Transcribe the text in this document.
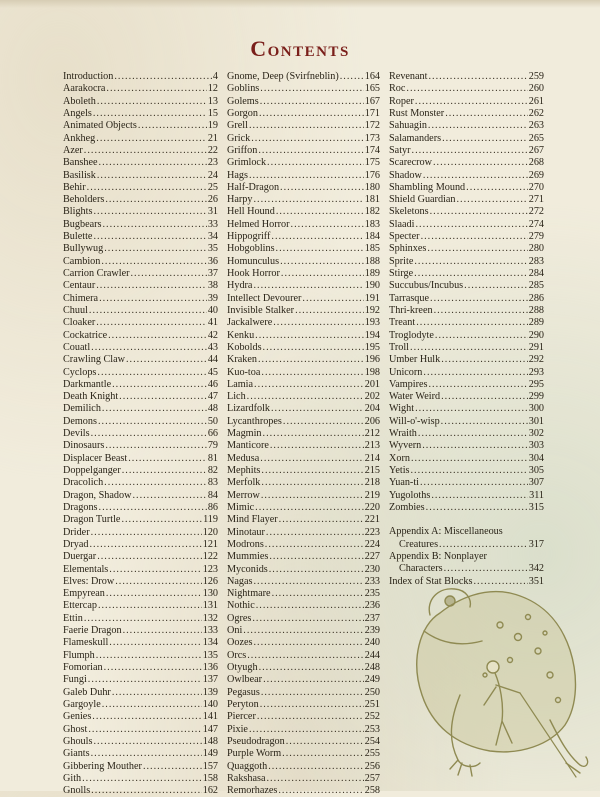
Contents
Introduction .....	4
Aarakocra .....	12
Aboleth .....	13
Angels .....	15
Animated Objects .....	19
Ankheg .....	21
Azer .....	22
Banshee .....	23
Basilisk .....	24
Behir .....	25
Beholders .....	26
Blights .....	31
Bugbears .....	33
Bulette .....	34
Bullywug .....	35
Cambion .....	36
Carrion Crawler .....	37
Centaur .....	38
Chimera .....	39
Chuul .....	40
Cloaker .....	41
Cockatrice .....	42
Couatl .....	43
Crawling Claw .....	44
Cyclops .....	45
Darkmantle .....	46
Death Knight .....	47
Demilich .....	48
Demons .....	50
Devils .....	66
Dinosaurs .....	79
Displacer Beast .....	81
Doppelganger .....	82
Dracolich .....	83
Dragon, Shadow .....	84
Dragons .....	86
Dragon Turtle .....	119
Drider .....	120
Dryad .....	121
Duergar .....	122
Elementals .....	123
Elves: Drow .....	126
Empyrean .....	130
Ettercap .....	131
Ettin .....	132
Faerie Dragon .....	133
Flameskull .....	134
Flumph .....	135
Fomorian .....	136
Fungi .....	137
Galeb Duhr .....	139
Gargoyle .....	140
Genies .....	141
Ghost .....	147
Ghouls .....	148
Giants .....	149
Gibbering Mouther .....	157
Gith .....	158
Gnolls .....	162
Gnome, Deep (Svirfneblin) .....	164
Goblins .....	165
Golems .....	167
Gorgon .....	171
Grell .....	172
Grick .....	173
Griffon .....	174
Grimlock .....	175
Hags .....	176
Half-Dragon .....	180
Harpy .....	181
Hell Hound .....	182
Helmed Horror .....	183
Hippogriff .....	184
Hobgoblins .....	185
Homunculus .....	188
Hook Horror .....	189
Hydra .....	190
Intellect Devourer .....	191
Invisible Stalker .....	192
Jackalwere .....	193
Kenku .....	194
Kobolds .....	195
Kraken .....	196
Kuo-toa .....	198
Lamia .....	201
Lich .....	202
Lizardfolk .....	204
Lycanthropes .....	206
Magmin .....	212
Manticore .....	213
Medusa .....	214
Mephits .....	215
Merfolk .....	218
Merrow .....	219
Mimic .....	220
Mind Flayer .....	221
Minotaur .....	223
Modrons .....	224
Mummies .....	227
Myconids .....	230
Nagas .....	233
Nightmare .....	235
Nothic .....	236
Ogres .....	237
Oni .....	239
Oozes .....	240
Orcs .....	244
Otyugh .....	248
Owlbear .....	249
Pegasus .....	250
Peryton .....	251
Piercer .....	252
Pixie .....	253
Pseudodragon .....	254
Purple Worm .....	255
Quaggoth .....	256
Rakshasa .....	257
Remorhazes .....	258
Revenant .....	259
Roc .....	260
Roper .....	261
Rust Monster .....	262
Sahuagin .....	263
Salamanders .....	265
Satyr .....	267
Scarecrow .....	268
Shadow .....	269
Shambling Mound .....	270
Shield Guardian .....	271
Skeletons .....	272
Slaadi .....	274
Specter .....	279
Sphinxes .....	280
Sprite .....	283
Stirge .....	284
Succubus/Incubus .....	285
Tarrasque .....	286
Thri-kreen .....	288
Treant .....	289
Troglodyte .....	290
Troll .....	291
Umber Hulk .....	292
Unicorn .....	293
Vampires .....	295
Water Weird .....	299
Wight .....	300
Will-o'-wisp .....	301
Wraith .....	302
Wyvern .....	303
Xorn .....	304
Yetis .....	305
Yuan-ti .....	307
Yugoloths .....	311
Zombies .....	315
Appendix A: Miscellaneous
Creatures .....	317
Appendix B: Nonplayer
Characters .....	342
Index of Stat Blocks .....	351
